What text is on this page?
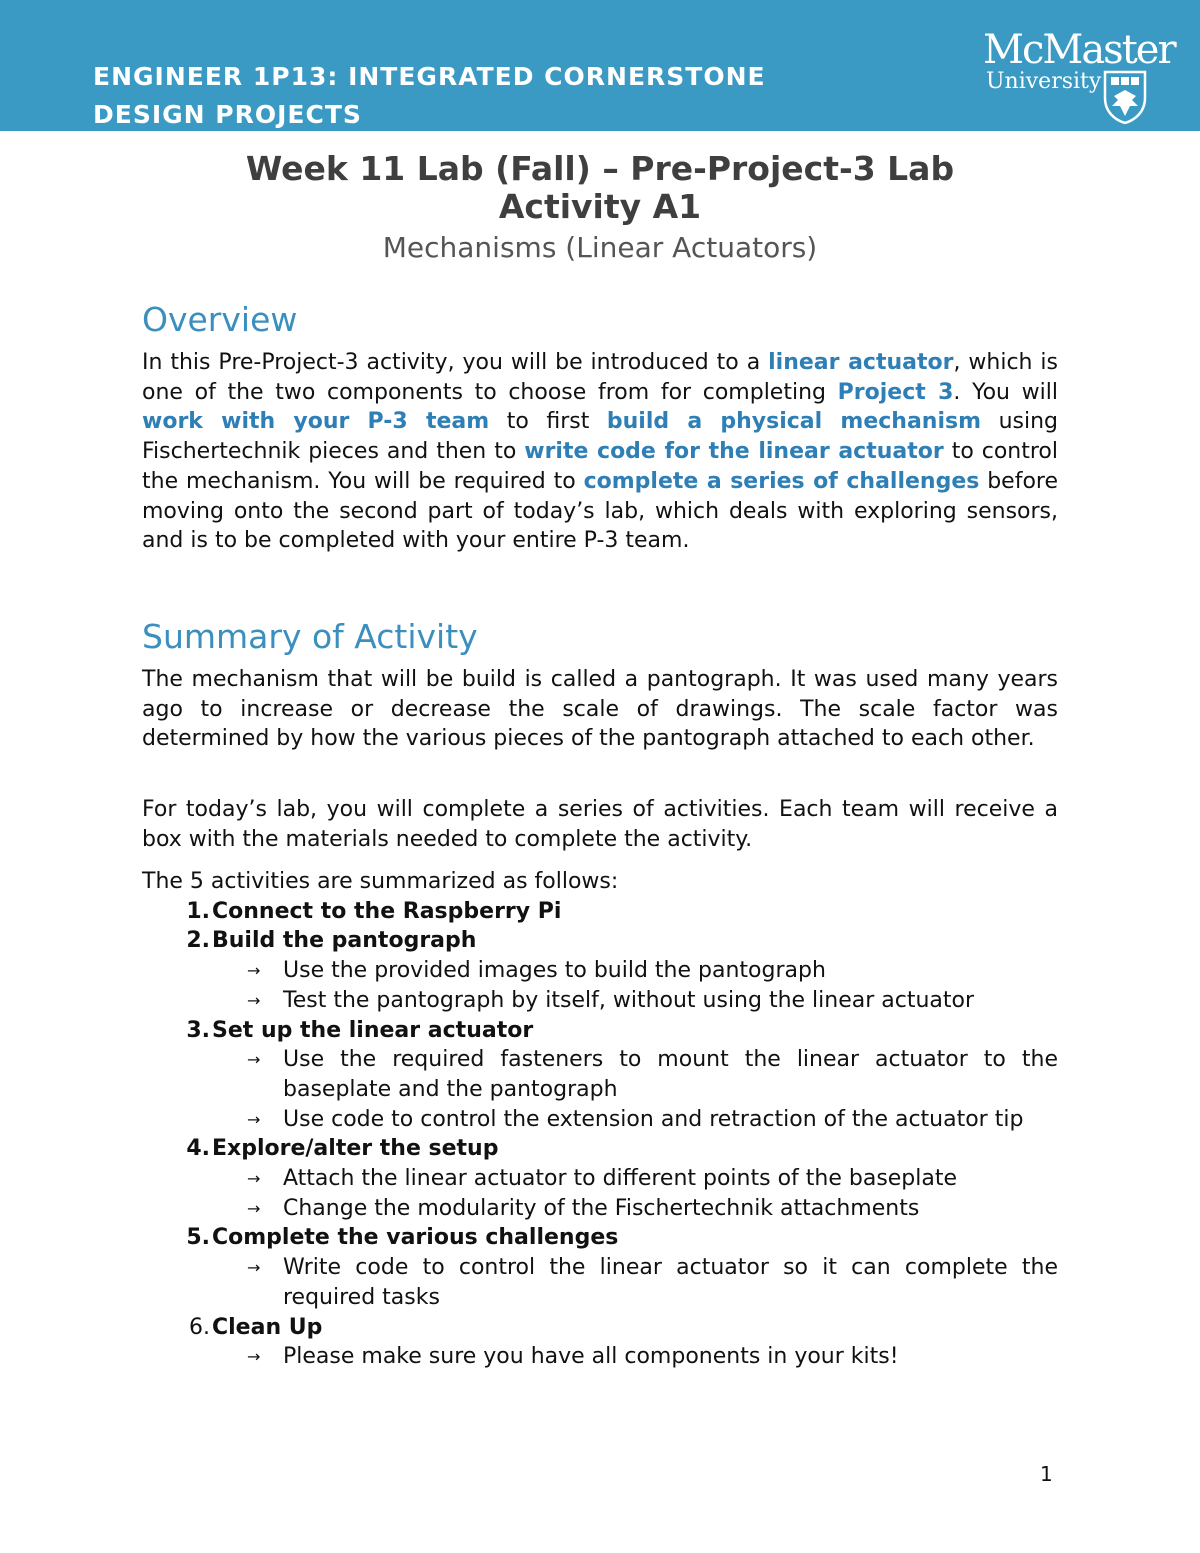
ENGINEER 1P13: INTEGRATED CORNERSTONE DESIGN PROJECTS
McMaster
University
Week 11 Lab (Fall) – Pre-Project-3 Lab
Activity A1
Mechanisms (Linear Actuators)
Overview
In this Pre-Project-3 activity, you will be introduced to a linear actuator, which is one of the two components to choose from for completing Project 3. You will work with your P-3 team to first build a physical mechanism using Fischertechnik pieces and then to write code for the linear actuator to control the mechanism. You will be required to complete a series of challenges before moving onto the second part of today’s lab, which deals with exploring sensors, and is to be completed with your entire P-3 team.
Summary of Activity
The mechanism that will be build is called a pantograph. It was used many years ago to increase or decrease the scale of drawings. The scale factor was determined by how the various pieces of the pantograph attached to each other.
For today’s lab, you will complete a series of activities. Each team will receive a box with the materials needed to complete the activity.
The 5 activities are summarized as follows:
1. Connect to the Raspberry Pi
2. Build the pantograph
→ Use the provided images to build the pantograph
→ Test the pantograph by itself, without using the linear actuator
3. Set up the linear actuator
→ Use the required fasteners to mount the linear actuator to the baseplate and the pantograph
→ Use code to control the extension and retraction of the actuator tip
4. Explore/alter the setup
→ Attach the linear actuator to different points of the baseplate
→ Change the modularity of the Fischertechnik attachments
5. Complete the various challenges
→ Write code to control the linear actuator so it can complete the required tasks
6. Clean Up
→ Please make sure you have all components in your kits!
1
